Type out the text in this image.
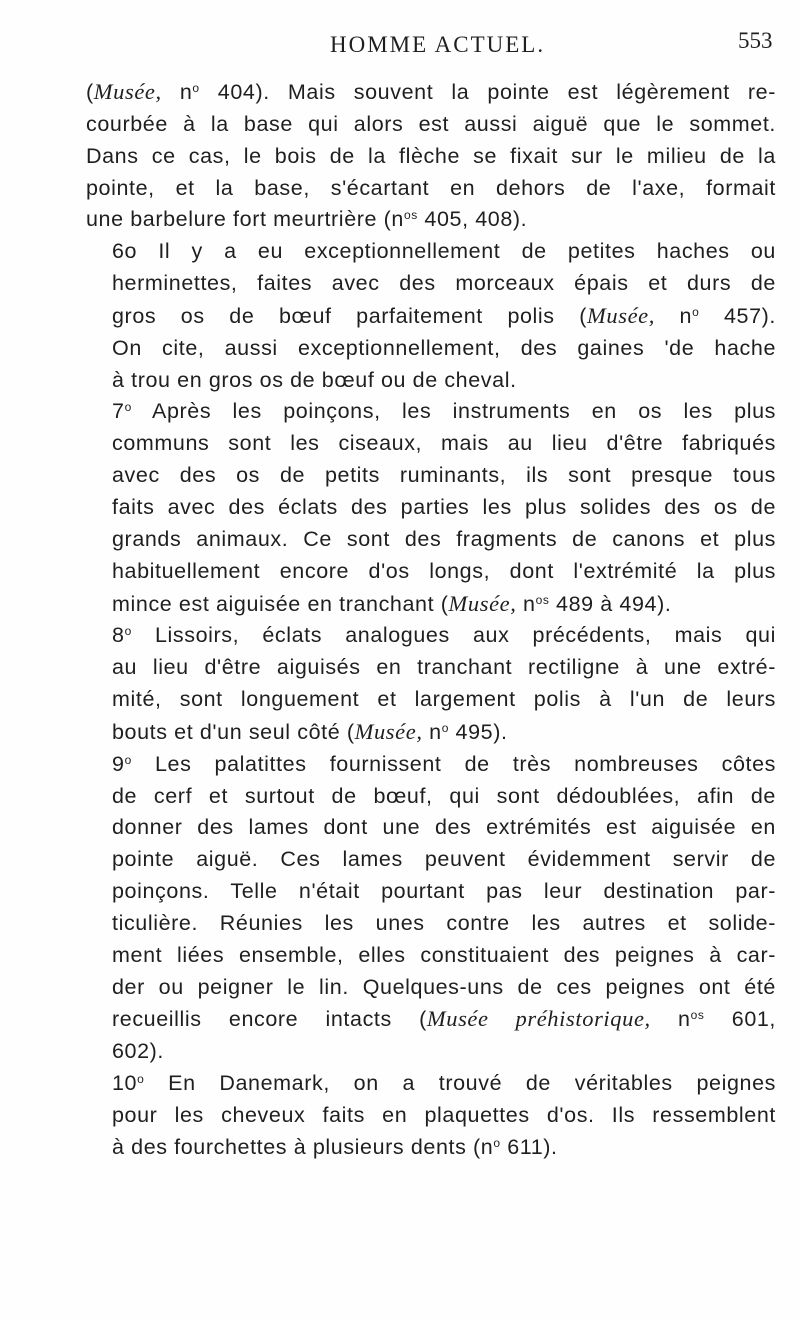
HOMME ACTUEL.	553

(Musée, $n^o$ 404). Mais souvent la pointe est légèrement re-
courbée à la base qui alors est aussi aiguë que le sommet.
Dans ce cas, le bois de la flèche se fixait sur le milieu de la
pointe, et la base, s'écartant en dehors de l'axe, formait
une barbelure fort meurtrière ($n^{os}$ 405, 408).

6o Il y a eu exceptionnellement de petites haches ou
herminettes, faites avec des morceaux épais et durs de
gros os de bœuf parfaitement polis (Musée, $n^o$ 457).
On cite, aussi exceptionnellement, des gaines 'de hache
à trou en gros os de bœuf ou de cheval.

7$^o$ Après les poinçons, les instruments en os les plus
communs sont les ciseaux, mais au lieu d'être fabriqués
avec des os de petits ruminants, ils sont presque tous
faits avec des éclats des parties les plus solides des os de
grands animaux. Ce sont des fragments de canons et plus
habituellement encore d'os longs, dont l'extrémité la plus
mince est aiguisée en tranchant (Musée, $n^{os}$ 489 à 494).

8$^o$ Lissoirs, éclats analogues aux précédents, mais qui
au lieu d'être aiguisés en tranchant rectiligne à une extré-
mité, sont longuement et largement polis à l'un de leurs
bouts et d'un seul côté (Musée, $n^o$ 495).

9$^o$ Les palatittes fournissent de très nombreuses côtes
de cerf et surtout de bœuf, qui sont dédoublées, afin de
donner des lames dont une des extrémités est aiguisée en
pointe aiguë. Ces lames peuvent évidemment servir de
poinçons. Telle n'était pourtant pas leur destination par-
ticulière. Réunies les unes contre les autres et solide-
ment liées ensemble, elles constituaient des peignes à car-
der ou peigner le lin. Quelques-uns de ces peignes ont été
recueillis encore intacts (Musée préhistorique, $n^{os}$ 601,
602).

10$^o$ En Danemark, on a trouvé de véritables peignes
pour les cheveux faits en plaquettes d'os. Ils ressemblent
à des fourchettes à plusieurs dents ($n^o$ 611).
